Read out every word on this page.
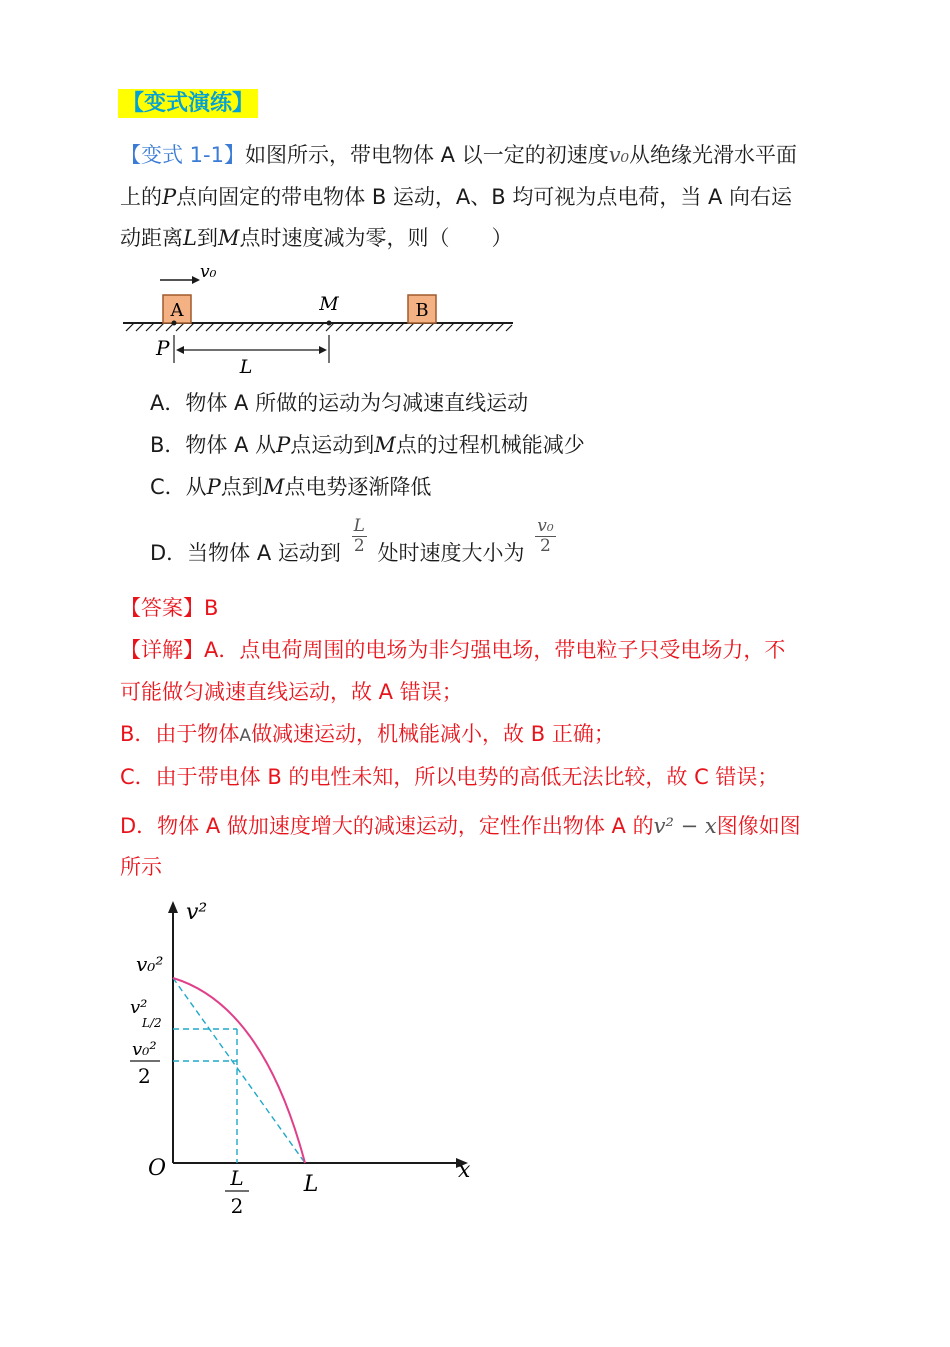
【变式演练】
【变式 1-1】如图所示，带电物体 A 以一定的初速度v₀从绝缘光滑水平面
上的P点向固定的带电物体 B 运动，A、B 均可视为点电荷，当 A 向右运
动距离L到M点时速度减为零，则（　　）
v₀
A	B
M
P
L
A．物体 A 所做的运动为匀减速直线运动
B．物体 A 从P点运动到M点的过程机械能减少
C．从P点到M点电势逐渐降低
D．当物体 A 运动到 $\frac{L}{2}$ 处时速度大小为 $\frac{\text{v₀}}{2}$
【答案】B
【详解】A．点电荷周围的电场为非匀强电场，带电粒子只受电场力，不
可能做匀减速直线运动，故 A 错误；
B．由于物体A做减速运动，机械能减小，故 B 正确；
C．由于带电体 B 的电性未知，所以电势的高低无法比较，故 C 错误；
D．物体 A 做加速度增大的减速运动，定性作出物体 A 的v² − x图像如图
所示
v²
x
O
v₀²
v²
L/2
v₀²
2
L
2
L
